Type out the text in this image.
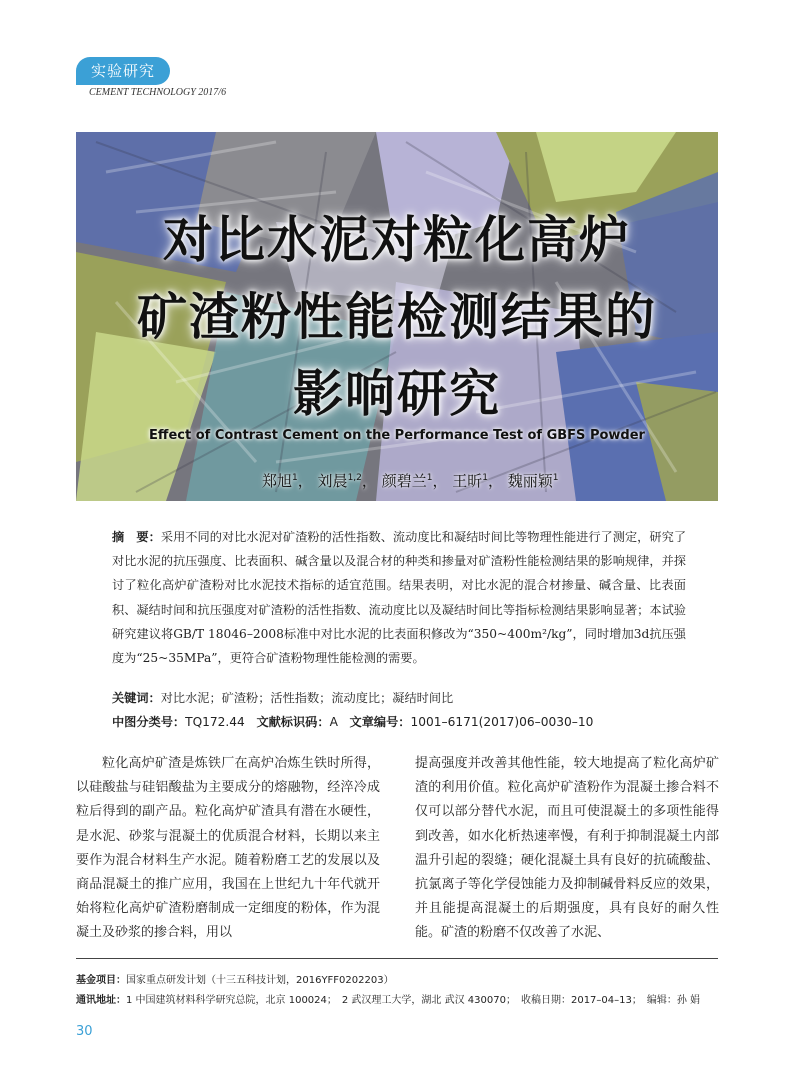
实验研究
CEMENT TECHNOLOGY 2017/6
对比水泥对粒化高炉
矿渣粉性能检测结果的
影响研究
Effect of Contrast Cement on the Performance Test of GBFS Powder
郑旭$^1$， 刘晨$^{1,2}$， 颜碧兰$^1$， 王昕$^1$， 魏丽颖$^1$
摘　要：采用不同的对比水泥对矿渣粉的活性指数、流动度比和凝结时间比等物理性能进行了测定，研究了对比水泥的抗压强度、比表面积、碱含量以及混合材的种类和掺量对矿渣粉性能检测结果的影响规律，并探讨了粒化高炉矿渣粉对比水泥技术指标的适宜范围。结果表明，对比水泥的混合材掺量、碱含量、比表面积、凝结时间和抗压强度对矿渣粉的活性指数、流动度比以及凝结时间比等指标检测结果影响显著；本试验研究建议将GB/T 18046–2008标准中对比水泥的比表面积修改为“350~400m²/kg”，同时增加3d抗压强度为“25~35MPa”，更符合矿渣粉物理性能检测的需要。
关键词：对比水泥；矿渣粉；活性指数；流动度比；凝结时间比
中图分类号：TQ172.44 文献标识码：A 文章编号：1001–6171(2017)06–0030–10
粒化高炉矿渣是炼铁厂在高炉冶炼生铁时所得，以硅酸盐与硅铝酸盐为主要成分的熔融物，经淬冷成粒后得到的副产品。粒化高炉矿渣具有潜在水硬性，是水泥、砂浆与混凝土的优质混合材料，长期以来主要作为混合材料生产水泥。随着粉磨工艺的发展以及商品混凝土的推广应用，我国在上世纪九十年代就开始将粒化高炉矿渣粉磨制成一定细度的粉体，作为混凝土及砂浆的掺合料，用以
提高强度并改善其他性能，较大地提高了粒化高炉矿渣的利用价值。粒化高炉矿渣粉作为混凝土掺合料不仅可以部分替代水泥，而且可使混凝土的多项性能得到改善，如水化析热速率慢，有利于抑制混凝土内部温升引起的裂缝；硬化混凝土具有良好的抗硫酸盐、抗氯离子等化学侵蚀能力及抑制碱骨料反应的效果，并且能提高混凝土的后期强度，具有良好的耐久性能。矿渣的粉磨不仅改善了水泥、
基金项目：国家重点研发计划（十三五科技计划，2016YFF0202203）
通讯地址：1 中国建筑材料科学研究总院，北京 100024；　2 武汉理工大学，湖北 武汉 430070；　收稿日期：2017–04–13；　编辑：孙 娟
30
